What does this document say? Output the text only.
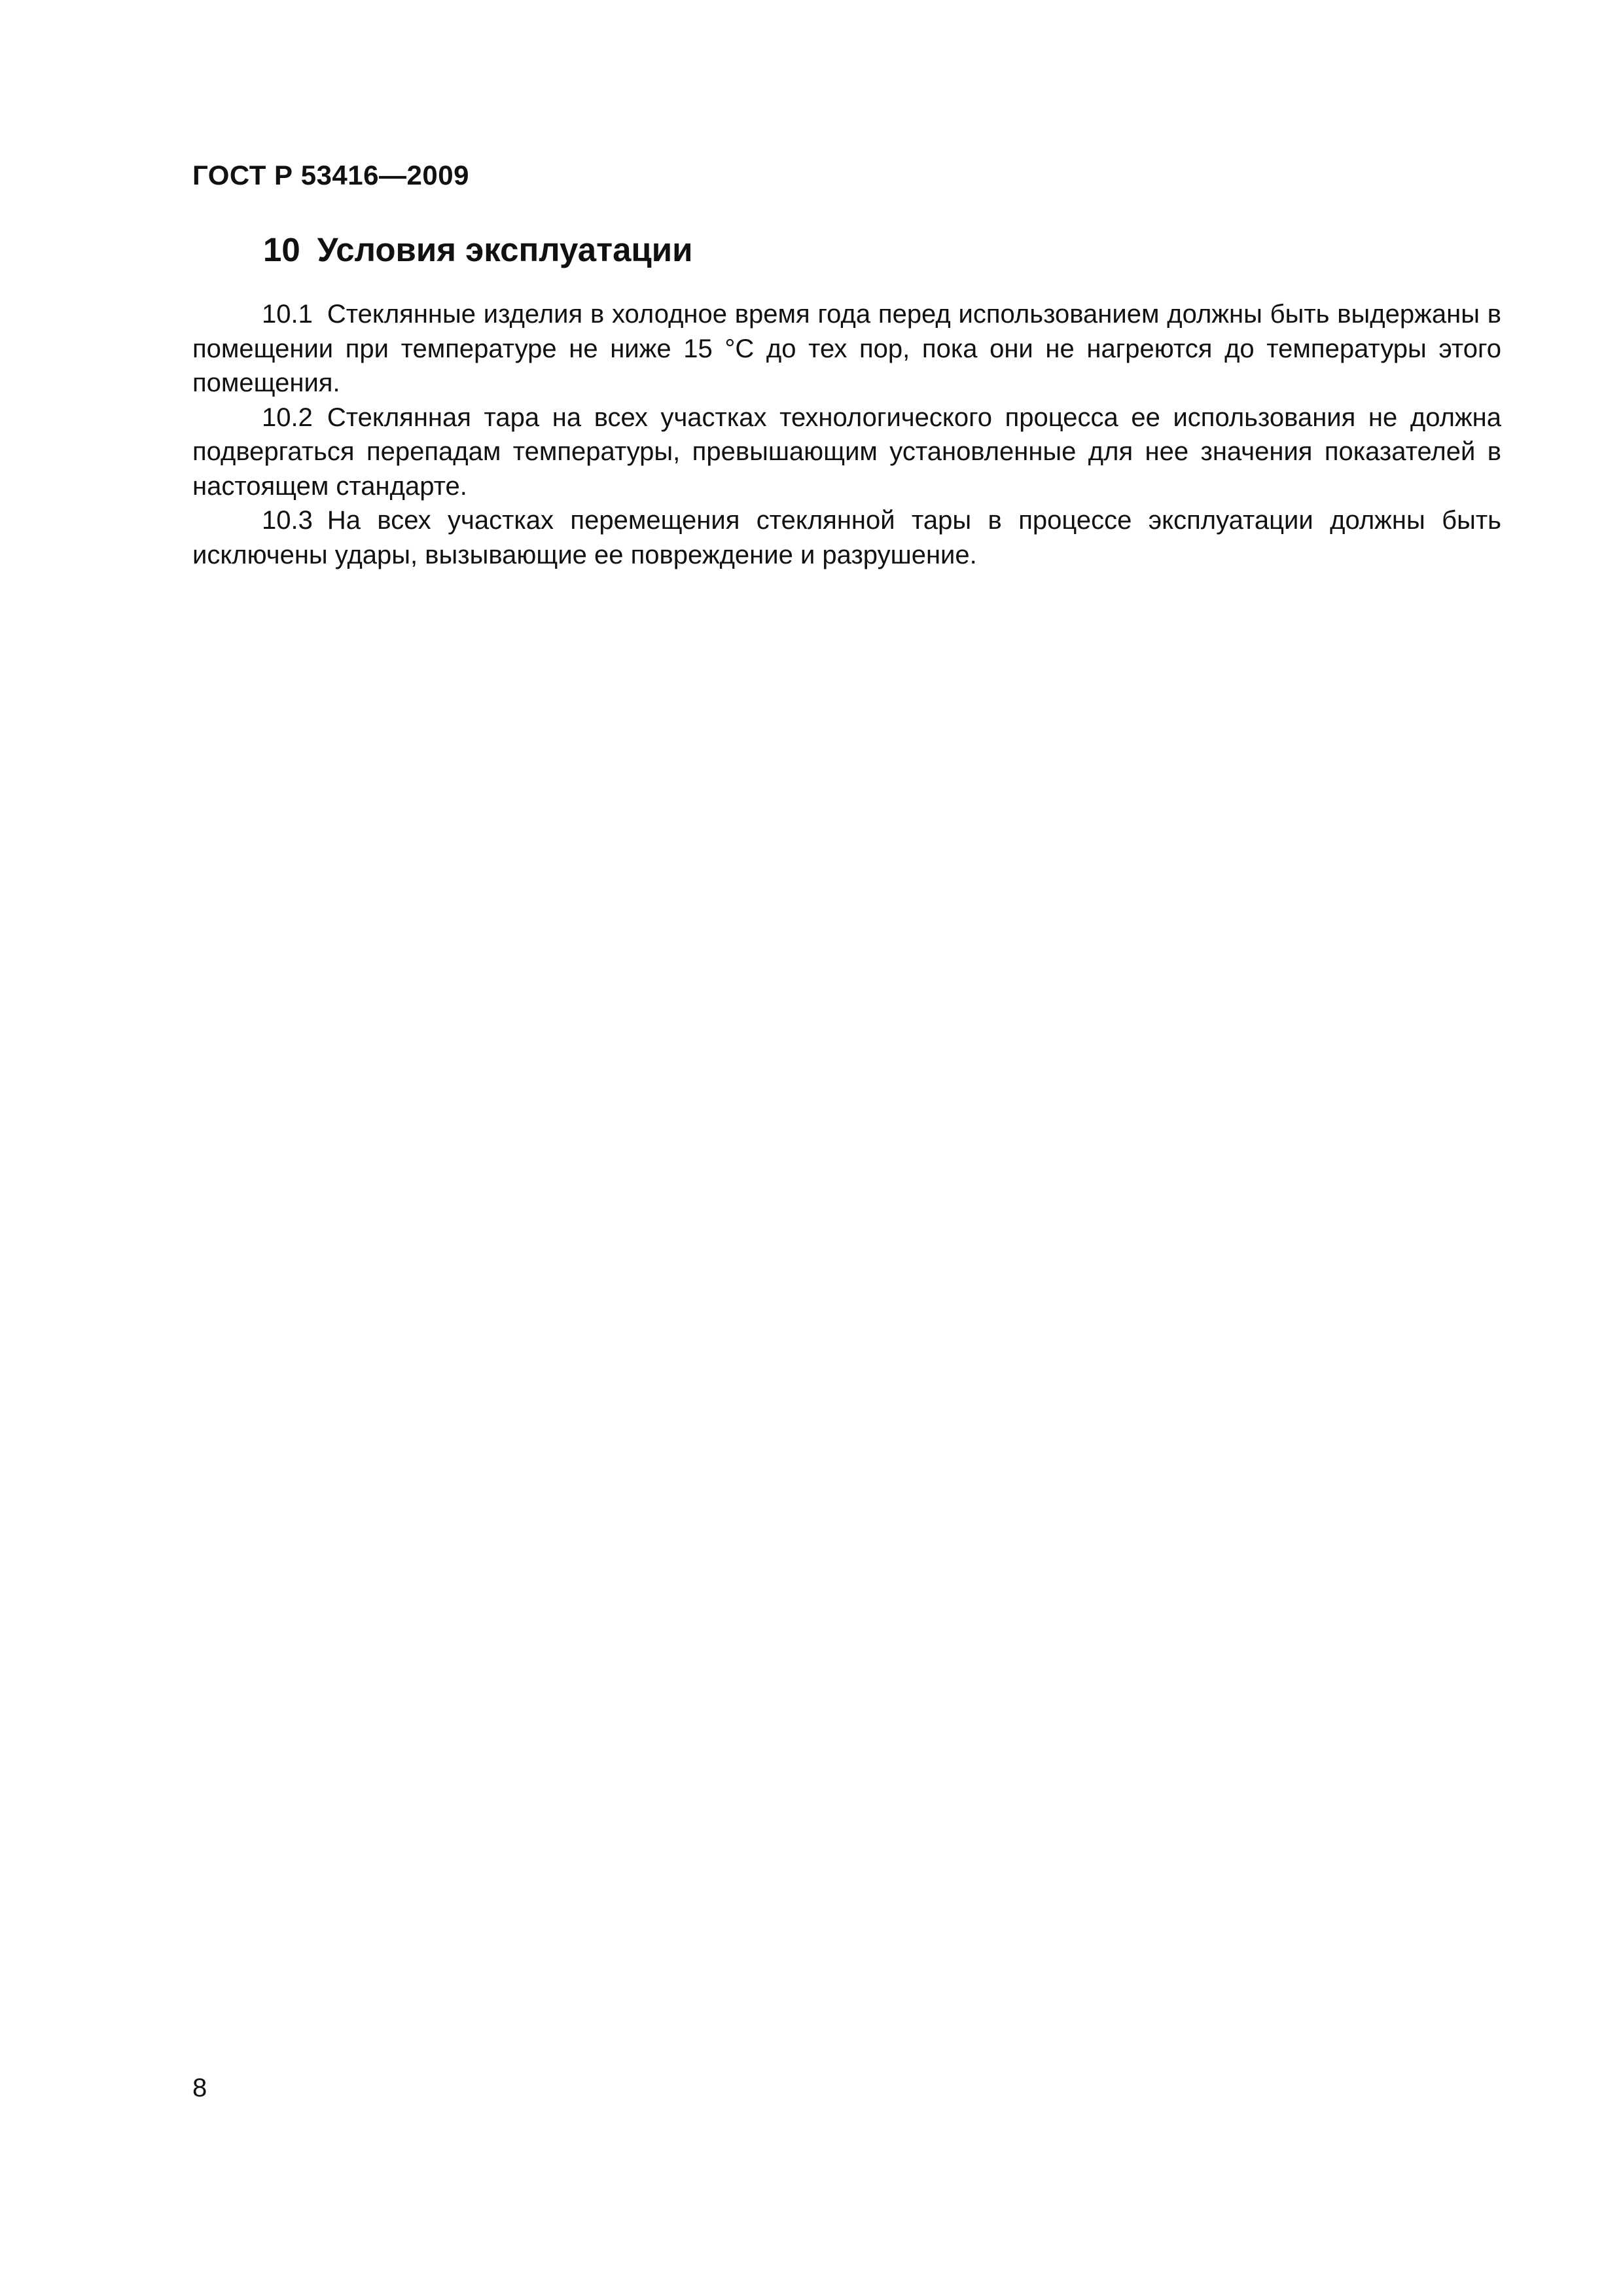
ГОСТ Р 53416—2009
10 Условия эксплуатации

10.1 Стеклянные изделия в холодное время года перед использованием должны быть выдержаны в помещении при температуре не ниже 15 °С до тех пор, пока они не нагреются до температуры этого помещения.

10.2 Стеклянная тара на всех участках технологического процесса ее использования не должна подвергаться перепадам температуры, превышающим установленные для нее значения показателей в настоящем стандарте.

10.3 На всех участках перемещения стеклянной тары в процессе эксплуатации должны быть исключены удары, вызывающие ее повреждение и разрушение.

8
